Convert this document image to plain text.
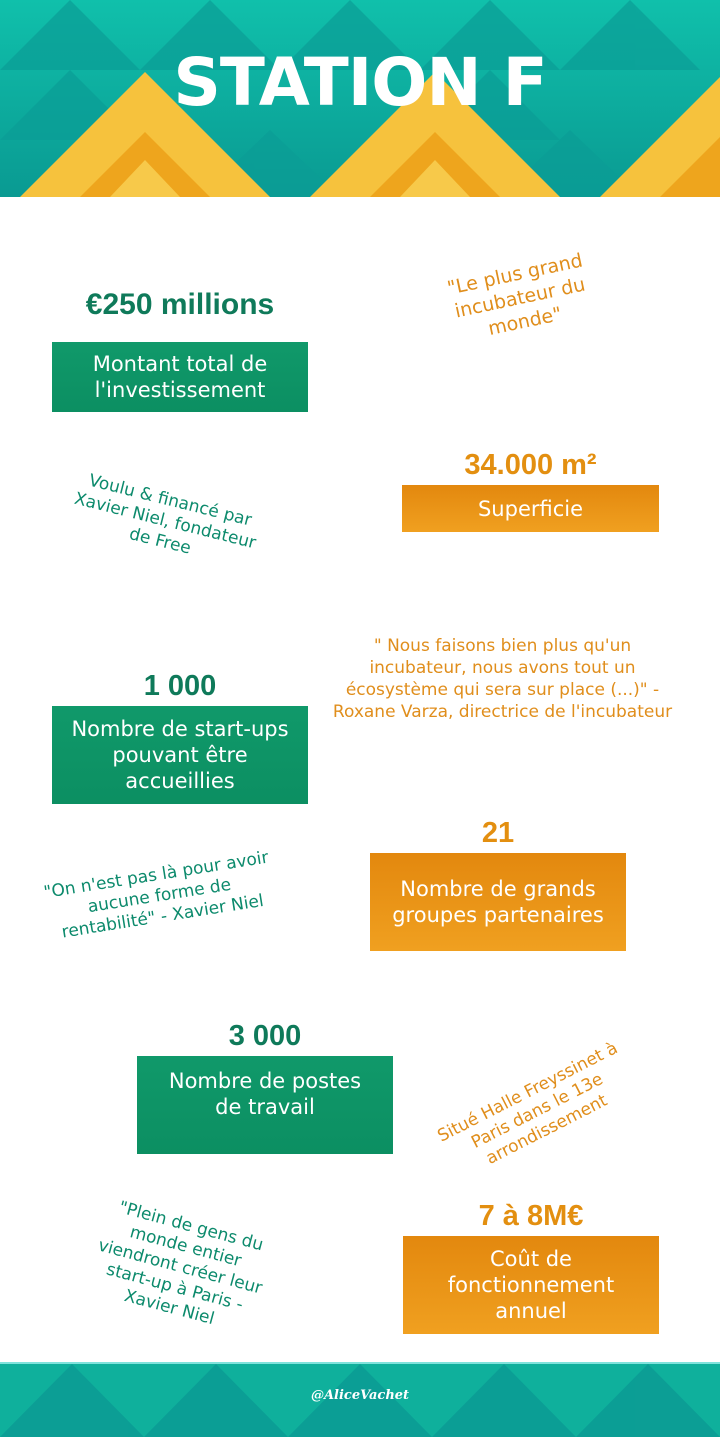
STATION F
€250 millions
Montant total de l'investissement
"Le plus grand incubateur du monde"
Voulu & financé par Xavier Niel, fondateur de Free
34.000 m²
Superficie
1 000
Nombre de start-ups pouvant être accueillies
" Nous faisons bien plus qu'un incubateur, nous avons tout un écosystème qui sera sur place (...)" - Roxane Varza, directrice de l'incubateur
"On n'est pas là pour avoir aucune forme de rentabilité" - Xavier Niel
21
Nombre de grands groupes partenaires
3 000
Nombre de postes de travail	Situé Halle Freyssinet à Paris dans le 13e arrondissement
"Plein de gens du monde entier viendront créer leur start-up à Paris - Xavier Niel
7 à 8M€
Coût de fonctionnement annuel
@AliceVachet
